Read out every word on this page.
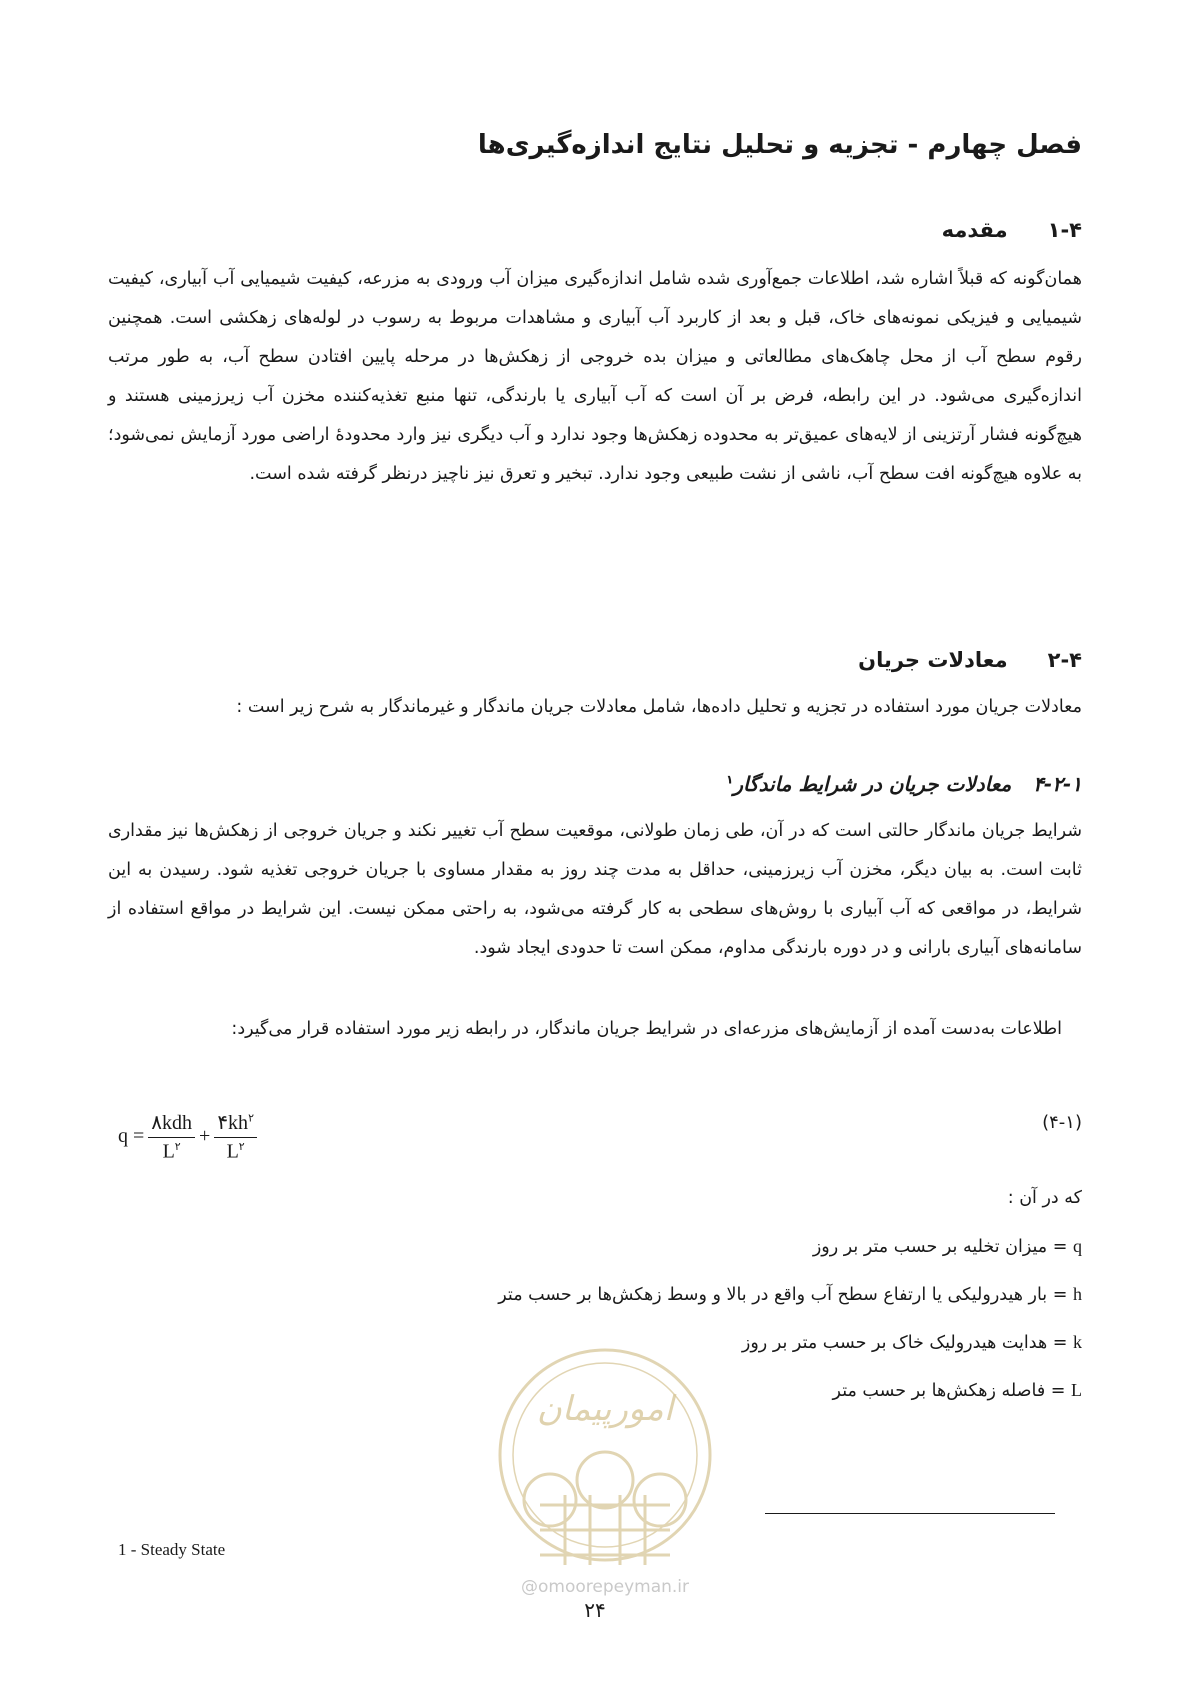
فصل چهارم - تجزیه و تحلیل نتایج اندازه‌گیری‌ها
۱-۴مقدمه

همان‌گونه که قبلاً اشاره شد، اطلاعات جمع‌آوری شده شامل اندازه‌گیری میزان آب ورودی به مزرعه، کیفیت شیمیایی آب آبیاری، کیفیت شیمیایی و فیزیکی نمونه‌های خاک، قبل و بعد از کاربرد آب آبیاری و مشاهدات مربوط به رسوب در لوله‌های زهکشی است. همچنین رقوم سطح آب از محل چاهک‌های مطالعاتی و میزان بده خروجی از زهکش‌ها در مرحله پایین افتادن سطح آب، به طور مرتب اندازه‌گیری می‌شود. در این رابطه، فرض بر آن است که آب آبیاری یا بارندگی، تنها منبع تغذیه‌کننده مخزن آب زیرزمینی هستند و هیچ‌گونه فشار آرتزینی از لایه‌های عمیق‌تر به محدوده زهکش‌ها وجود ندارد و آب دیگری نیز وارد محدودهٔ اراضی مورد آزمایش نمی‌شود؛ به علاوه هیچ‌گونه افت سطح آب، ناشی از نشت طبیعی وجود ندارد. تبخیر و تعرق نیز ناچیز درنظر گرفته شده است.

۲-۴معادلات جریان

معادلات جریان مورد استفاده در تجزیه و تحلیل داده‌ها، شامل معادلات جریان ماندگار و غیرماندگار به شرح زیر است :

۴-۲-۱معادلات جریان در شرایط ماندگار$^۱$

شرایط جریان ماندگار حالتی است که در آن، طی زمان طولانی، موقعیت سطح آب تغییر نکند و جریان خروجی از زهکش‌ها نیز مقداری ثابت است. به بیان دیگر، مخزن آب زیرزمینی، حداقل به مدت چند روز به مقدار مساوی با جریان خروجی تغذیه شود. رسیدن به این شرایط، در مواقعی که آب آبیاری با روش‌های سطحی به کار گرفته می‌شود، به راحتی ممکن نیست. این شرایط در مواقع استفاده از سامانه‌های آبیاری بارانی و در دوره بارندگی مداوم، ممکن است تا حدودی ایجاد شود.

اطلاعات به‌دست آمده از آزمایش‌های مزرعه‌ای در شرایط جریان ماندگار، در رابطه زیر مورد استفاده قرار می‌گیرد:

$q = \frac{\text{۸kdh}}{L^۲} + \frac{۴kh^۲}{L^۲}$	(۴-۱)
که در آن :
q = میزان تخلیه بر حسب متر بر روز
h = بار هیدرولیکی یا ارتفاع سطح آب واقع در بالا و وسط زهکش‌ها بر حسب متر
k = هدایت هیدرولیک خاک بر حسب متر بر روز
L = فاصله زهکش‌ها بر حسب متر
امورپیمان
@omoorepeyman.ir
1 - Steady State
۲۴
